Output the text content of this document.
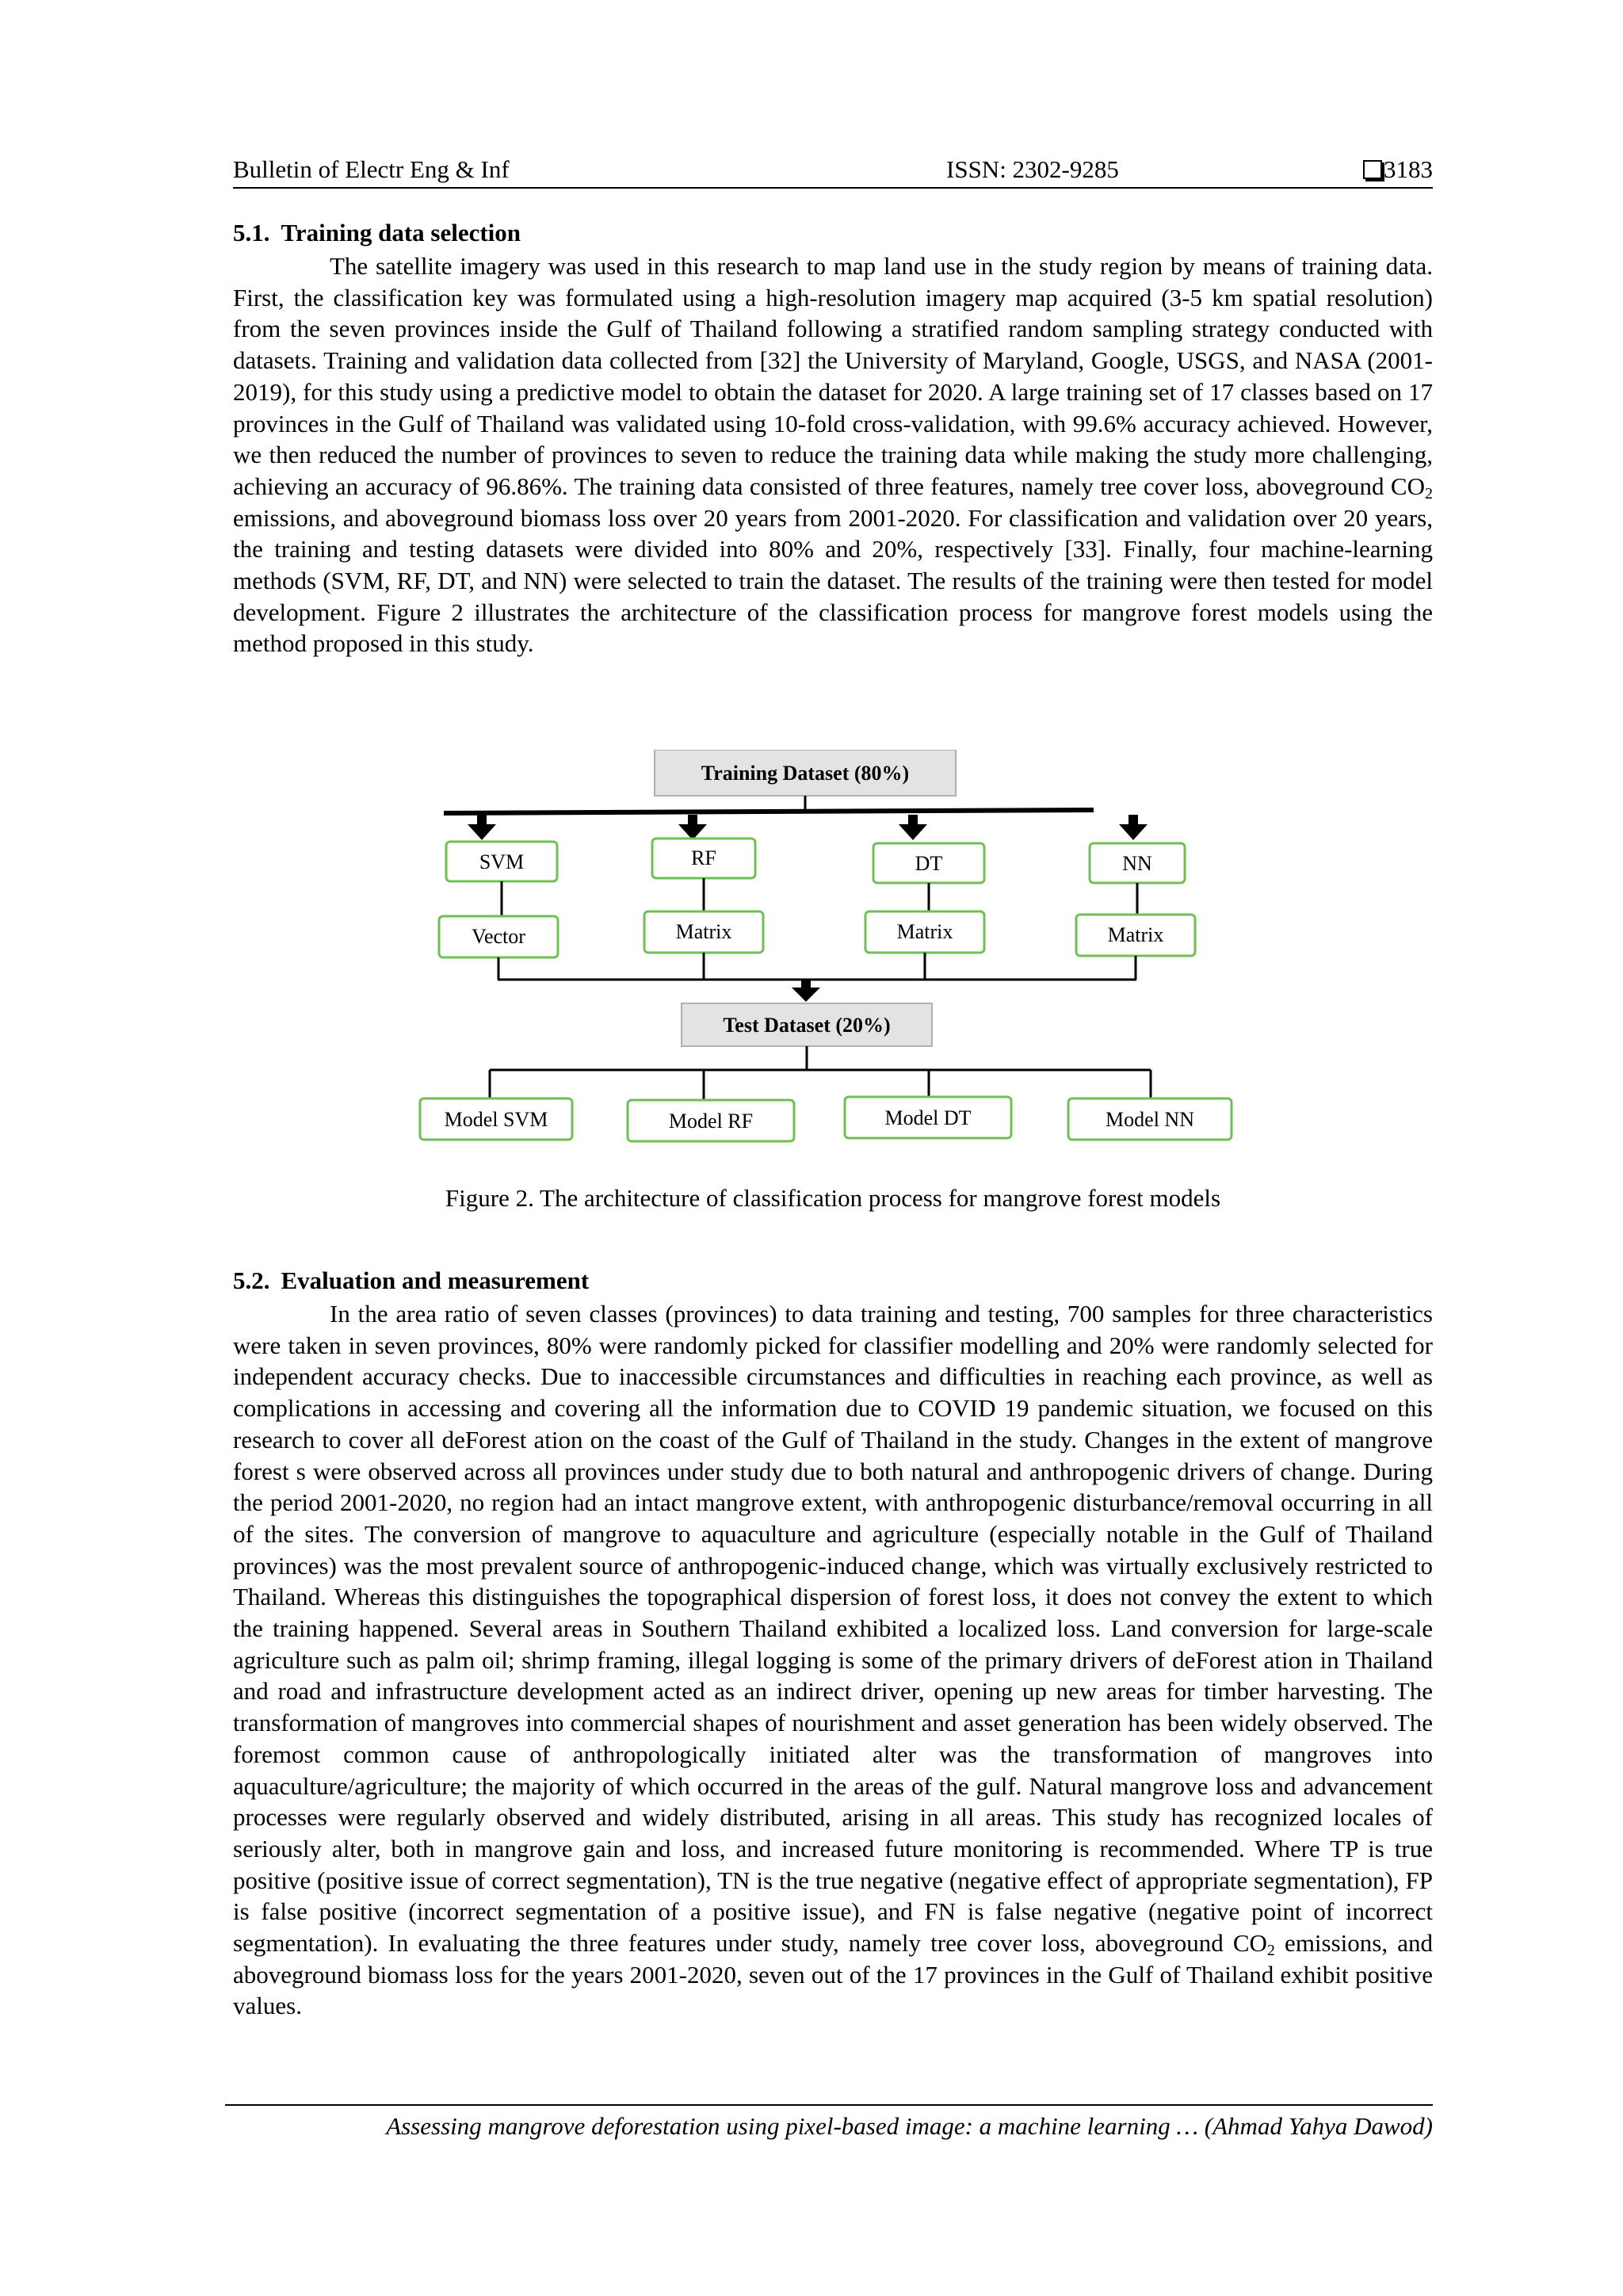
Bulletin of Electr Eng & Inf	ISSN: 2302-9285	3183
5.1. Training data selection
The satellite imagery was used in this research to map land use in the study region by means of training data. First, the classification key was formulated using a high-resolution imagery map acquired (3-5 km spatial resolution) from the seven provinces inside the Gulf of Thailand following a stratified random sampling strategy conducted with datasets. Training and validation data collected from [32] the University of Maryland, Google, USGS, and NASA (2001-2019), for this study using a predictive model to obtain the dataset for 2020. A large training set of 17 classes based on 17 provinces in the Gulf of Thailand was validated using 10-fold cross-validation, with 99.6% accuracy achieved. However, we then reduced the number of provinces to seven to reduce the training data while making the study more challenging, achieving an accuracy of 96.86%. The training data consisted of three features, namely tree cover loss, aboveground $CO_2$ emissions, and aboveground biomass loss over 20 years from 2001-2020. For classification and validation over 20 years, the training and testing datasets were divided into 80% and 20%, respectively [33]. Finally, four machine-learning methods (SVM, RF, DT, and NN) were selected to train the dataset. The results of the training were then tested for model development. Figure 2 illustrates the architecture of the classification process for mangrove forest models using the method proposed in this study.
Training Dataset (80%)
SVM	RF	DT	NN
Vector	Matrix	Matrix	Matrix
Test Dataset (20%)
Model SVM	Model RF	Model DT	Model NN
Figure 2. The architecture of classification process for mangrove forest models
5.2. Evaluation and measurement
In the area ratio of seven classes (provinces) to data training and testing, 700 samples for three characteristics were taken in seven provinces, 80% were randomly picked for classifier modelling and 20% were randomly selected for independent accuracy checks. Due to inaccessible circumstances and difficulties in reaching each province, as well as complications in accessing and covering all the information due to COVID 19 pandemic situation, we focused on this research to cover all deForest ation on the coast of the Gulf of Thailand in the study. Changes in the extent of mangrove forest s were observed across all provinces under study due to both natural and anthropogenic drivers of change. During the period 2001-2020, no region had an intact mangrove extent, with anthropogenic disturbance/removal occurring in all of the sites. The conversion of mangrove to aquaculture and agriculture (especially notable in the Gulf of Thailand provinces) was the most prevalent source of anthropogenic-induced change, which was virtually exclusively restricted to Thailand. Whereas this distinguishes the topographical dispersion of forest loss, it does not convey the extent to which the training happened. Several areas in Southern Thailand exhibited a localized loss. Land conversion for large-scale agriculture such as palm oil; shrimp framing, illegal logging is some of the primary drivers of deForest ation in Thailand and road and infrastructure development acted as an indirect driver, opening up new areas for timber harvesting. The transformation of mangroves into commercial shapes of nourishment and asset generation has been widely observed. The foremost common cause of anthropologically initiated alter was the transformation of mangroves into aquaculture/agriculture; the majority of which occurred in the areas of the gulf. Natural mangrove loss and advancement processes were regularly observed and widely distributed, arising in all areas. This study has recognized locales of seriously alter, both in mangrove gain and loss, and increased future monitoring is recommended. Where TP is true positive (positive issue of correct segmentation), TN is the true negative (negative effect of appropriate segmentation), FP is false positive (incorrect segmentation of a positive issue), and FN is false negative (negative point of incorrect segmentation). In evaluating the three features under study, namely tree cover loss, aboveground $CO_2$ emissions, and aboveground biomass loss for the years 2001-2020, seven out of the 17 provinces in the Gulf of Thailand exhibit positive values.
Assessing mangrove deforestation using pixel-based image: a machine learning … (Ahmad Yahya Dawod)
